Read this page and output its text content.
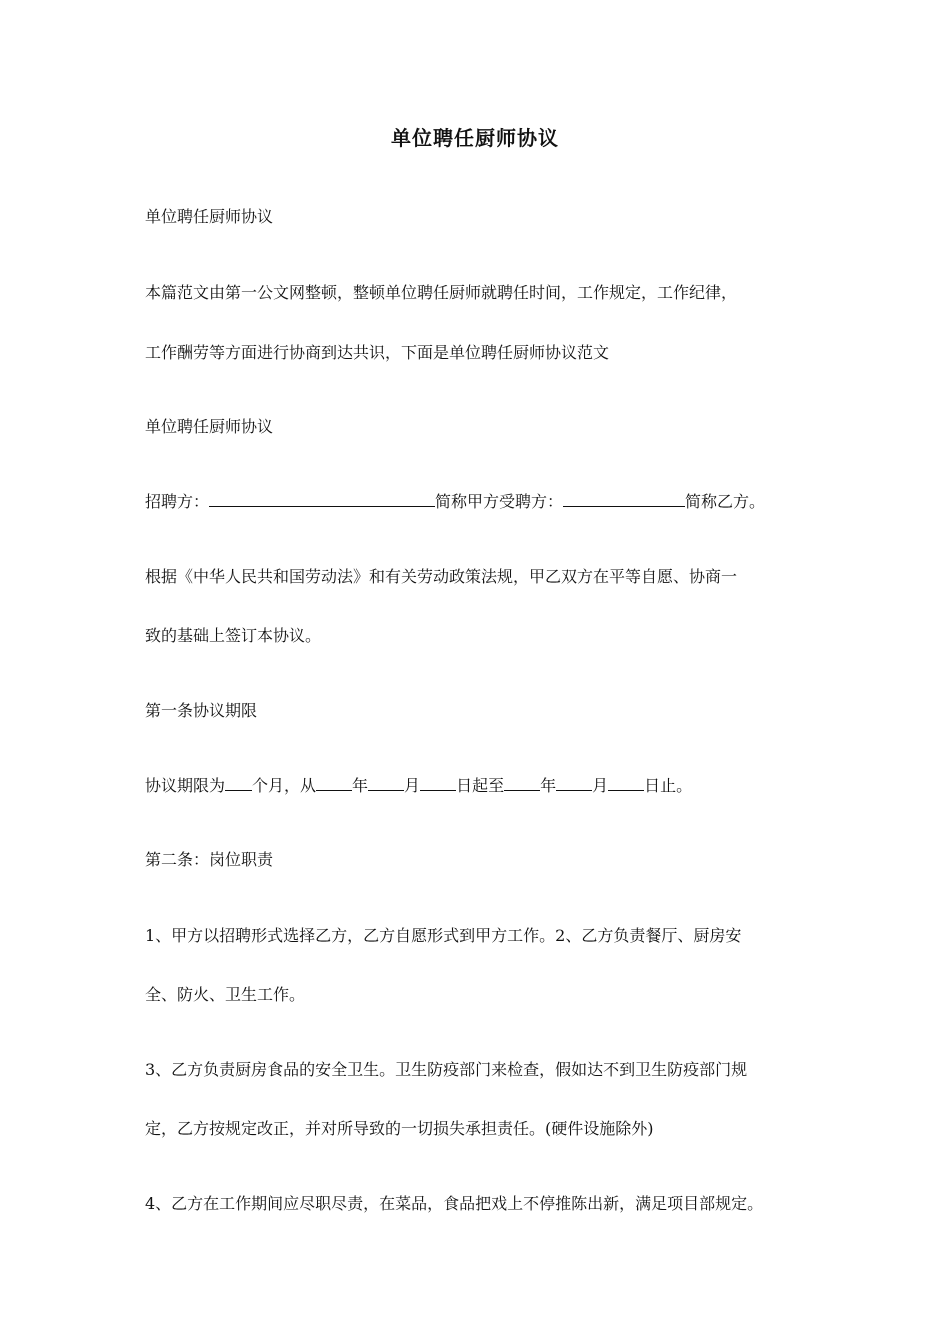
单位聘任厨师协议
单位聘任厨师协议
本篇范文由第一公文网整顿，整顿单位聘任厨师就聘任时间，工作规定，工作纪律，
工作酬劳等方面进行协商到达共识，下面是单位聘任厨师协议范文
单位聘任厨师协议
招聘方：	简称甲方受聘方：	简称乙方。
根据《中华人民共和国劳动法》和有关劳动政策法规，甲乙双方在平等自愿、协商一
致的基础上签订本协议。
第一条协议期限
协议期限为 个月，从 年 月 日起至 年 月 日止。
第二条：岗位职责
1、甲方以招聘形式选择乙方，乙方自愿形式到甲方工作。2、乙方负责餐厅、厨房安
全、防火、卫生工作。
3、乙方负责厨房食品的安全卫生。卫生防疫部门来检查，假如达不到卫生防疫部门规
定，乙方按规定改正，并对所导致的一切损失承担责任。(硬件设施除外)
4、乙方在工作期间应尽职尽责，在菜品，食品把戏上不停推陈出新，满足项目部规定。
